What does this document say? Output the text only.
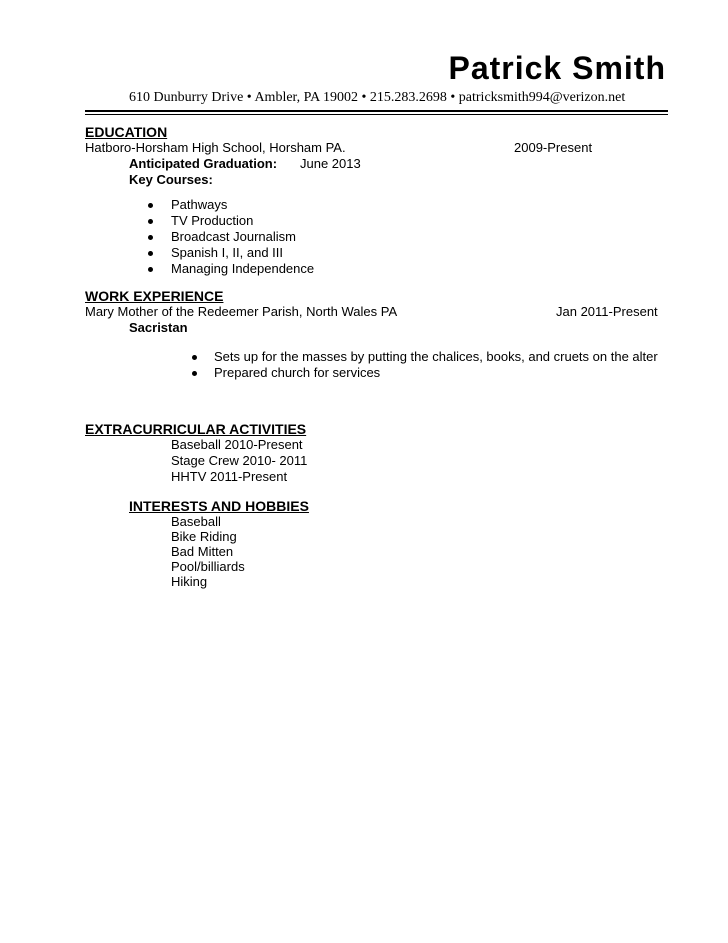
Patrick Smith
610 Dunburry Drive • Ambler, PA 19002 • 215.283.2698 • patricksmith994@verizon.net
EDUCATION
Hatboro-Horsham High School, Horsham PA.	2009-Present
Anticipated Graduation: June 2013
Key Courses:
Pathways
TV Production
Broadcast Journalism
Spanish I, II, and III
Managing Independence
WORK EXPERIENCE
Mary Mother of the Redeemer Parish, North Wales PA	Jan 2011-Present
Sacristan
Sets up for the masses by putting the chalices, books, and cruets on the alter
Prepared church for services
EXTRACURRICULAR ACTIVITIES
Baseball 2010-Present
Stage Crew 2010- 2011
HHTV 2011-Present
INTERESTS AND HOBBIES
Baseball
Bike Riding
Bad Mitten
Pool/billiards
Hiking
